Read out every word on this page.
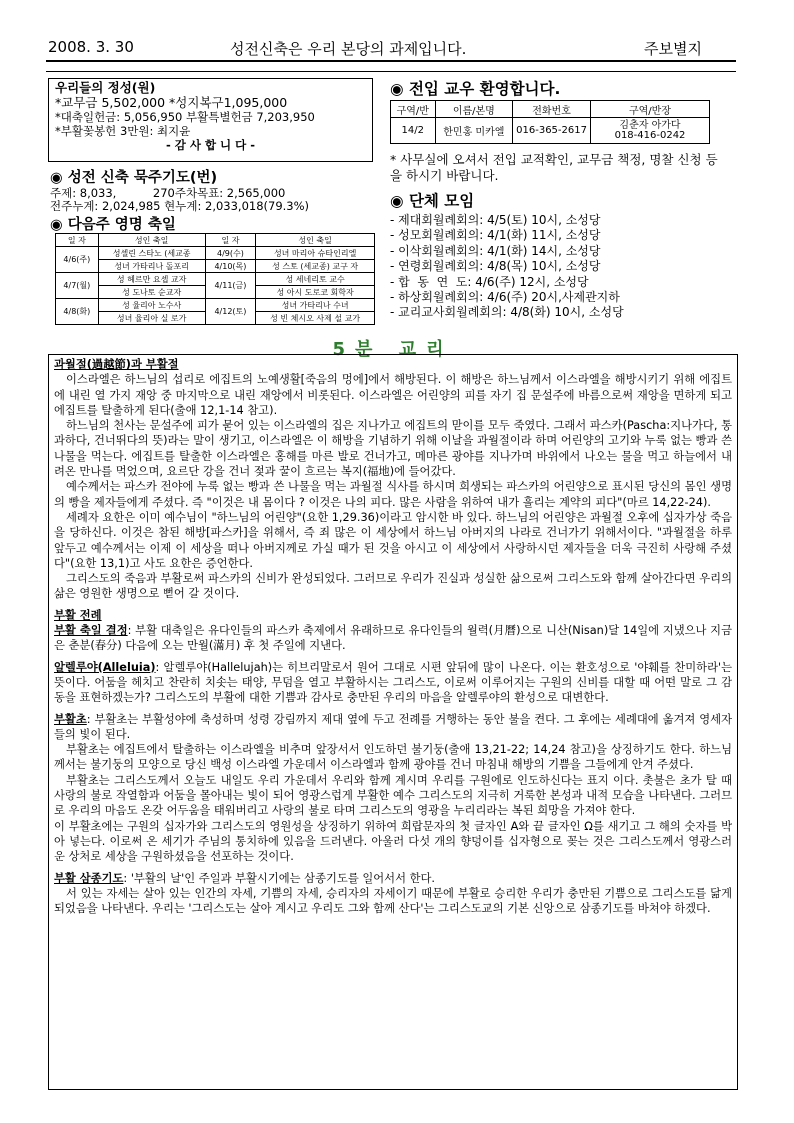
2008. 3. 30	성전신축은 우리 본당의 과제입니다.	주보별지
우리들의 정성(원)
*교무금 5,502,000 *성지복구1,095,000
*대축일헌금: 5,056,950 부활특별헌금 7,203,950
*부활꽃봉헌 3만원: 최지윤
- 감 사 합 니 다 -
◉ 성전 신축 묵주기도(번)
주제: 8,033,          270주차목표: 2,565,000
전주누계: 2,024,985 현누계: 2,033,018(79.3%)
◉ 다음주 영명 축일
일 자	성인 축일	일 자	성인 축일
4/6(주)	성셀린 스타노 (세교종	4/9(수)	성녀 마리아 슈타인리엘
	성녀 가타리나 돌포리	4/10(목)	성 스토 (세교종) 교구 자
4/7(월)	성 헤르만 요셉 교자	4/11(금)	성 세네리토 교수
	성 도나토 순교자		성 아시 도로코 회학자
4/8(화)	성 율리아 노수사	4/12(토)	성녀 가타리나 수녀
	성녀 율리아 실 로가		성 빈 체시오 사제 설 교가
◉ 전입 교우 환영합니다.
구역/반	이름/본명	전화번호	구역/반장
14/2	한민홍 미카엘	016-365-2617	김춘자 아가다
018-416-0242
* 사무실에 오셔서 전입 교적확인, 교무금 책정, 명찰 신청 등을 하시기 바랍니다.
◉ 단체 모임
- 제대회월례회의: 4/5(토) 10시, 소성당
- 성모회월례회의: 4/1(화) 11시, 소성당
- 이삭회월례회의: 4/1(화) 14시, 소성당
- 연령회월례회의: 4/8(목) 10시, 소성당
- 합  동  연  도: 4/6(주) 12시, 소성당
- 하상회월례회의: 4/6(주) 20시,사제관지하
- 교리교사회월례회의: 4/8(화) 10시, 소성당
5분 교리

과월절(過越節)과 부활절

이스라엘은 하느님의 섭리로 에집트의 노예생활[죽음의 멍에]에서 해방된다. 이 해방은 하느님께서 이스라엘을 해방시키기 위해 에집트에 내린 열 가지 재앙 중 마지막으로 내린 재앙에서 비롯된다. 이스라엘은 어린양의 피를 자기 집 문설주에 바름으로써 재앙을 면하게 되고 에집트를 탈출하게 된다(출애 12,1-14 참고).

하느님의 천사는 문설주에 피가 묻어 있는 이스라엘의 집은 지나가고 에집트의 맏이를 모두 죽였다. 그래서 파스카(Pascha:지나가다, 통과하다, 건너뛰다의 뜻)라는 말이 생기고, 이스라엘은 이 해방을 기념하기 위해 이날을 과월절이라 하며 어린양의 고기와 누룩 없는 빵과 쓴 나물을 먹는다. 에집트를 탈출한 이스라엘은 홍해를 마른 발로 건너가고, 메마른 광야를 지나가며 바위에서 나오는 물을 먹고 하늘에서 내려온 만나를 먹었으며, 요르단 강을 건너 젖과 꿀이 흐르는 복지(福地)에 들어갔다.

예수께서는 파스카 전야에 누룩 없는 빵과 쓴 나물을 먹는 과월절 식사를 하시며 희생되는 파스카의 어린양으로 표시된 당신의 몸인 생명의 빵을 제자들에게 주셨다. 즉 "이것은 내 몸이다 ? 이것은 나의 피다. 많은 사람을 위하여 내가 흘리는 계약의 피다"(마르 14,22-24).

세례자 요한은 이미 예수님이 "하느님의 어린양"(요한 1,29.36)이라고 암시한 바 있다. 하느님의 어린양은 과월절 오후에 십자가상 죽음을 당하신다. 이것은 참된 해방[파스카]을 위해서, 즉 죄 많은 이 세상에서 하느님 아버지의 나라로 건너가기 위해서이다. "과월절을 하루 앞두고 예수께서는 이제 이 세상을 떠나 아버지께로 가실 때가 된 것을 아시고 이 세상에서 사랑하시던 제자들을 더욱 극진히 사랑해 주셨다"(요한 13,1)고 사도 요한은 증언한다.

그리스도의 죽음과 부활로써 파스카의 신비가 완성되었다. 그러므로 우리가 진실과 성실한 삶으로써 그리스도와 함께 살아간다면 우리의 삶은 영원한 생명으로 뻗어 갈 것이다.

부활 전례

부활 축일 결정: 부활 대축일은 유다인들의 파스카 축제에서 유래하므로 유다인들의 월력(月曆)으로 니산(Nisan)달 14일에 지냈으나 지금은 춘분(春分) 다음에 오는 만월(滿月) 후 첫 주일에 지낸다.

알렐루야(Alleluia): 알렐루야(Hallelujah)는 히브리말로서 원어 그대로 시편 앞뒤에 많이 나온다. 이는 환호성으로 '야훼를 찬미하라'는 뜻이다. 어둠을 헤치고 찬란히 치솟는 태양, 무덤을 열고 부활하시는 그리스도, 이로써 이루어지는 구원의 신비를 대할 때 어떤 말로 그 감동을 표현하겠는가? 그리스도의 부활에 대한 기쁨과 감사로 충만된 우리의 마음을 알렐루야의 환성으로 대변한다.

부활초: 부활초는 부활성야에 축성하며 성령 강림까지 제대 옆에 두고 전례를 거행하는 동안 불을 켠다. 그 후에는 세례대에 옮겨져 영세자들의 빛이 된다.

부활초는 에집트에서 탈출하는 이스라엘을 비추며 앞장서서 인도하던 불기둥(출애 13,21-22; 14,24 참고)을 상징하기도 한다. 하느님께서는 불기둥의 모양으로 당신 백성 이스라엘 가운데서 이스라엘과 함께 광야를 건너 마침내 해방의 기쁨을 그들에게 안겨 주셨다.

부활초는 그리스도께서 오늘도 내일도 우리 가운데서 우리와 함께 계시며 우리를 구원에로 인도하신다는 표지 이다. 촛불은 초가 탈 때 사랑의 불로 작열함과 어둠을 몰아내는 빛이 되어 영광스럽게 부활한 예수 그리스도의 지극히 거룩한 본성과 내적 모습을 나타낸다. 그러므로 우리의 마음도 온갖 어두움을 태워버리고 사랑의 불로 타며 그리스도의 영광을 누리리라는 복된 희망을 가져야 한다.

이 부활초에는 구원의 십자가와 그리스도의 영원성을 상징하기 위하여 희랍문자의 첫 글자인 A와 끝 글자인 Ω를 새기고 그 해의 숫자를 박아 넣는다. 이로써 온 세기가 주님의 통치하에 있음을 드러낸다. 아울러 다섯 개의 향덩이를 십자형으로 꽂는 것은 그리스도께서 영광스러운 상처로 세상을 구원하셨음을 선포하는 것이다.

부활 삼종기도: '부활의 날'인 주일과 부활시기에는 삼종기도를 일어서서 한다.

서 있는 자세는 살아 있는 인간의 자세, 기쁨의 자세, 승리자의 자세이기 때문에 부활로 승리한 우리가 충만된 기쁨으로 그리스도를 닮게 되었음을 나타낸다. 우리는 '그리스도는 살아 계시고 우리도 그와 함께 산다'는 그리스도교의 기본 신앙으로 삼종기도를 바쳐야 하겠다.
